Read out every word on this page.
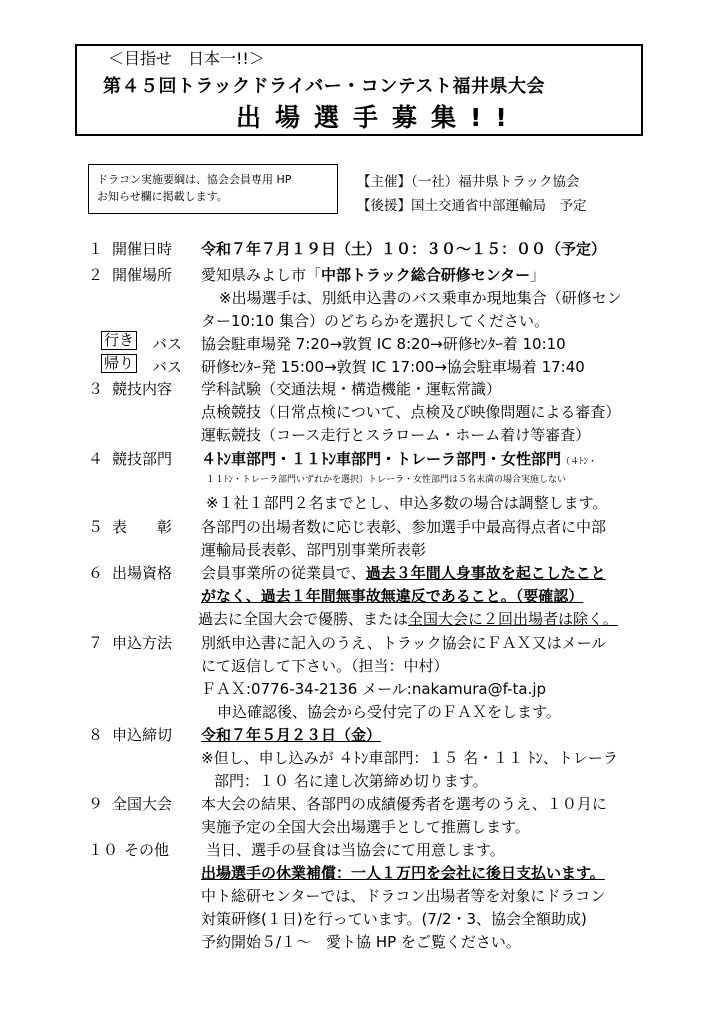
＜目指せ　日本一!!＞
第４５回トラックドライバー・コンテスト福井県大会
出場選手募集!!
ドラコン実施要綱は、協会会員専用 HP
お知らせ欄に掲載します。
【主催】（一社）福井県トラック協会
【後援】国土交通省中部運輸局　予定
１ 開催日時 令和７年７月１９日（土）１０：３０～１５：００（予定）
２ 開催場所 愛知県みよし市「中部トラック総合研修センター」
※出場選手は、別紙申込書のバス乗車か現地集合（研修セン
ター10:10 集合）のどちらかを選択してください。
行き バス 協会駐車場発 7:20→敦賀 IC 8:20→研修ｾﾝﾀｰ着 10:10
帰り バス 研修ｾﾝﾀｰ発 15:00→敦賀 IC 17:00→協会駐車場着 17:40
３ 競技内容 学科試験（交通法規・構造機能・運転常識）
点検競技（日常点検について、点検及び映像問題による審査）
運転競技（コース走行とスラローム・ホーム着け等審査）
４ 競技部門 ４ﾄﾝ車部門・１１ﾄﾝ車部門・トレーラ部門・女性部門（４ﾄﾝ・
１１ﾄﾝ・トレーラ部門いずれかを選択）トレーラ・女性部門は５名未満の場合実施しない
※１社１部門２名までとし、申込多数の場合は調整します。
５ 表　　彰 各部門の出場者数に応じ表彰、参加選手中最高得点者に中部
運輸局長表彰、部門別事業所表彰
６ 出場資格 会員事業所の従業員で、過去３年間人身事故を起こしたこと
がなく、過去１年間無事故無違反であること。（要確認）
過去に全国大会で優勝、または全国大会に２回出場者は除く。
７ 申込方法 別紙申込書に記入のうえ、トラック協会にＦＡＸ又はメール
にて返信して下さい。（担当：中村）
ＦＡＸ:0776-34-2136 メール:nakamura@f-ta.jp
申込確認後、協会から受付完了のＦＡＸをします。
８ 申込締切 令和７年５月２３日（金）
※但し、申し込みが ４ﾄﾝ車部門：１５ 名・１１ ﾄﾝ、トレーラ
部門：１０ 名に達し次第締め切ります。
９ 全国大会 本大会の結果、各部門の成績優秀者を選考のうえ、１０月に
実施予定の全国大会出場選手として推薦します。
１０ その他 当日、選手の昼食は当協会にて用意します。
出場選手の休業補償：一人１万円を会社に後日支払います。
中ト総研センターでは、ドラコン出場者等を対象にドラコン
対策研修(１日)を行っています。(7/2・3、協会全額助成)
予約開始５/１～　愛ト協 HP をご覧ください。
